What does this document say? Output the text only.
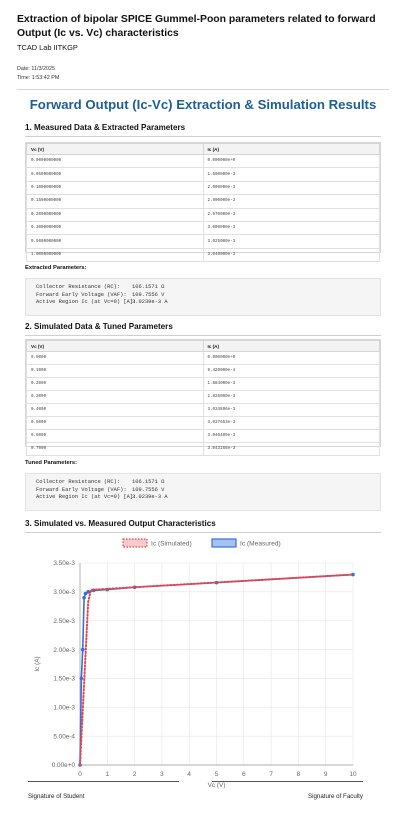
Extraction of bipolar SPICE Gummel-Poon parameters related to forward Output (Ic vs. Vc) characteristics
TCAD Lab IITKGP
Date: 11/3/2025
Time: 1:53:42 PM
Forward Output (Ic-Vc) Extraction & Simulation Results
1. Measured Data & Extracted Parameters
Vc (V)	Ic (A)
0.0000000000	0.000000e+0
0.0500000000	1.500000e-3
0.1000000000	2.000000e-3
0.1500000000	2.900000e-3
0.2000000000	2.970000e-3
0.3000000000	3.000000e-3
0.5000000000	3.025000e-3
1.0000000000	3.040000e-3
Extracted Parameters:
Collector Resistance (RC):	106.1571 Ω
Forward Early Voltage (VAF):	109.7556 V
Active Region Ic (at Vc=0) [A]:
3.0239e-3 A
2. Simulated Data & Tuned Parameters
Vc (V)	Ic (A)
0.0000	0.000000e+0
0.1000	9.420000e-4
0.2000	1.884000e-3
0.3000	2.826000e-3
0.4000	3.034896e-3
0.5000	3.037653e-3
0.6000	3.040409e-3
0.7000	3.043166e-3
Tuned Parameters:
Collector Resistance (RC):	106.1571 Ω
Forward Early Voltage (VAF):	109.7556 V
Active Region Ic (at Vc=0) [A]:
3.0239e-3 A
3. Simulated vs. Measured Output Characteristics
0.00e+0
5.00e-4
1.00e-3
1.50e-3
2.00e-3
2.50e-3
3.00e-3
3.50e-3
0	1	2	3	4	5	6	7	8	9	10
Vc (V)
Ic (A)
Ic (Simulated)	Ic (Measured)
Signature of Student	Signature of Faculty
